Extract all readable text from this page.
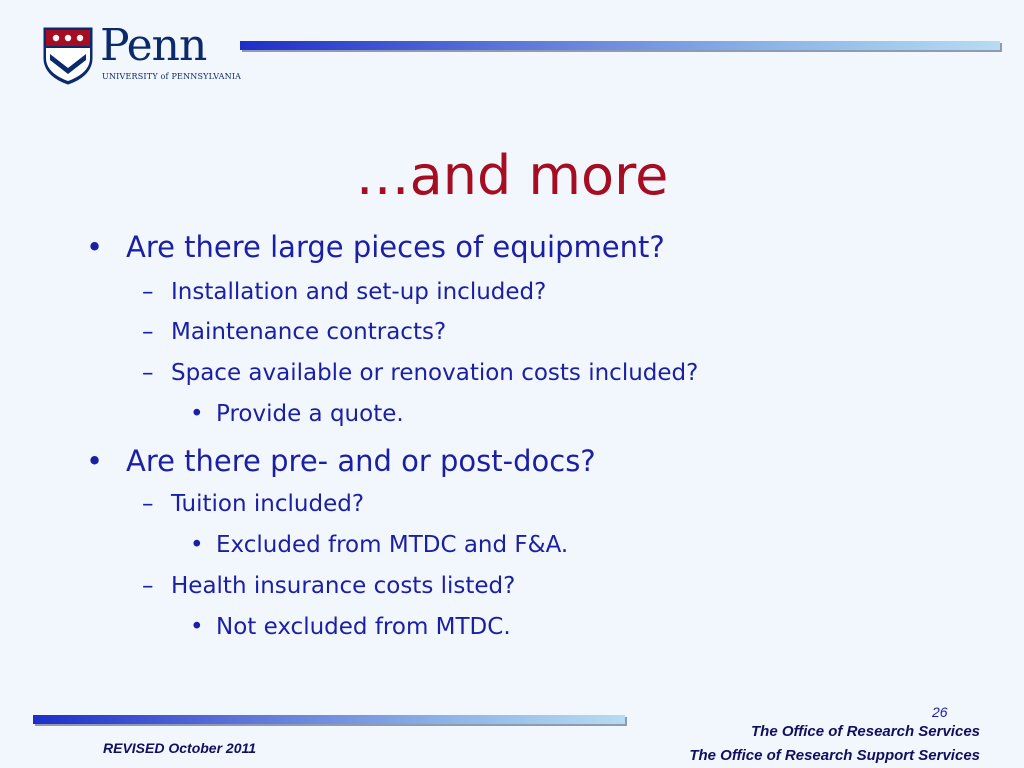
Penn
UNIVERSITY of PENNSYLVANIA
…and more
• Are there large pieces of equipment?
– Installation and set-up included?
– Maintenance contracts?
– Space available or renovation costs included?
• Provide a quote.
• Are there pre- and or post-docs?
– Tuition included?
• Excluded from MTDC and F&A.
– Health insurance costs listed?
• Not excluded from MTDC.
26
The Office of Research Services
The Office of Research Support Services
REVISED October 2011
